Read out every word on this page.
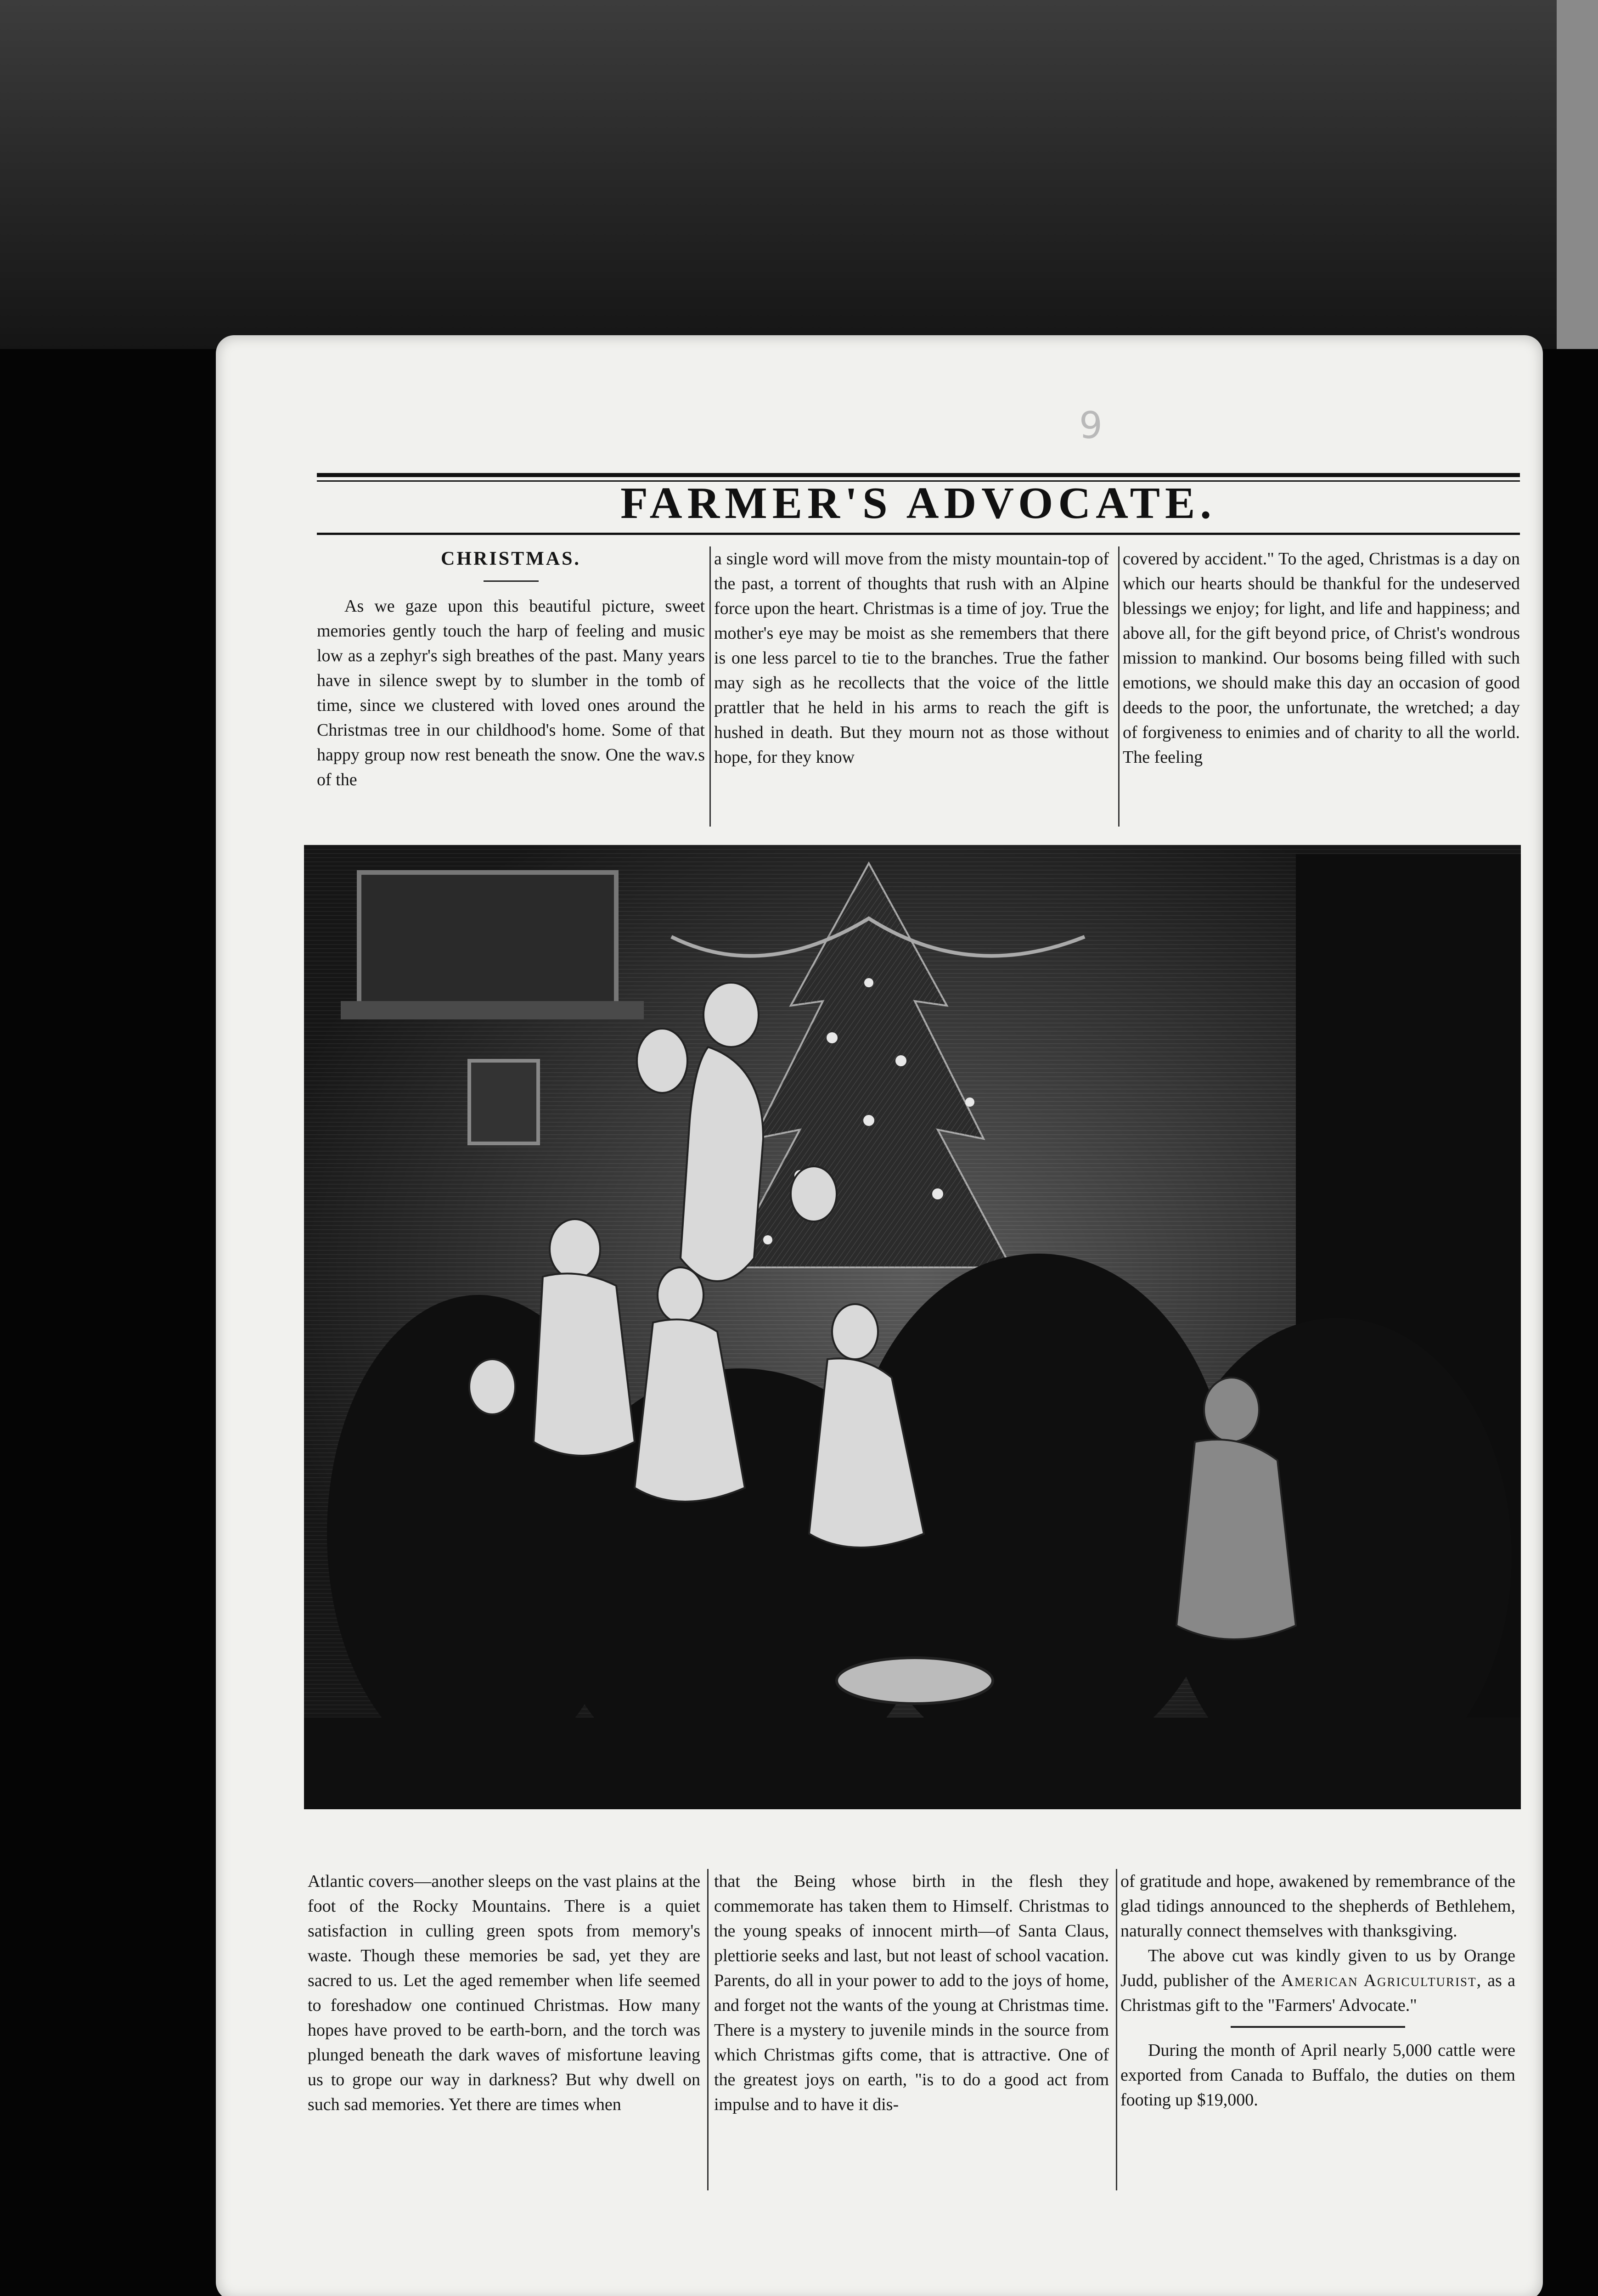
9
FARMER'S ADVOCATE.
CHRISTMAS.

As we gaze upon this beautiful picture, sweet memories gently touch the harp of feeling and music low as a zephyr's sigh breathes of the past. Many years have in silence swept by to slumber in the tomb of time, since we clustered with loved ones around the Christmas tree in our childhood's home. Some of that happy group now rest beneath the snow. One the wav.s of the

a single word will move from the misty mountain-top of the past, a torrent of thoughts that rush with an Alpine force upon the heart. Christmas is a time of joy. True the mother's eye may be moist as she remembers that there is one less parcel to tie to the branches. True the father may sigh as he recollects that the voice of the little prattler that he held in his arms to reach the gift is hushed in death. But they mourn not as those without hope, for they know

covered by accident." To the aged, Christmas is a day on which our hearts should be thankful for the undeserved blessings we enjoy; for light, and life and happiness; and above all, for the gift beyond price, of Christ's wondrous mission to mankind. Our bosoms being filled with such emotions, we should make this day an occasion of good deeds to the poor, the unfortunate, the wretched; a day of forgiveness to enimies and of charity to all the world. The feeling

Atlantic covers—another sleeps on the vast plains at the foot of the Rocky Mountains. There is a quiet satisfaction in culling green spots from memory's waste. Though these memories be sad, yet they are sacred to us. Let the aged remember when life seemed to foreshadow one continued Christmas. How many hopes have proved to be earth-born, and the torch was plunged beneath the dark waves of misfortune leaving us to grope our way in darkness? But why dwell on such sad memories. Yet there are times when

that the Being whose birth in the flesh they commemorate has taken them to Himself. Christmas to the young speaks of innocent mirth—of Santa Claus, plettiorie seeks and last, but not least of school vacation. Parents, do all in your power to add to the joys of home, and forget not the wants of the young at Christmas time. There is a mystery to juvenile minds in the source from which Christmas gifts come, that is attractive. One of the greatest joys on earth, "is to do a good act from impulse and to have it dis-

of gratitude and hope, awakened by remembrance of the glad tidings announced to the shepherds of Bethlehem, naturally connect themselves with thanksgiving.

The above cut was kindly given to us by Orange Judd, publisher of the American Agriculturist, as a Christmas gift to the "Farmers' Advocate."

During the month of April nearly 5,000 cattle were exported from Canada to Buffalo, the duties on them footing up $19,000.
